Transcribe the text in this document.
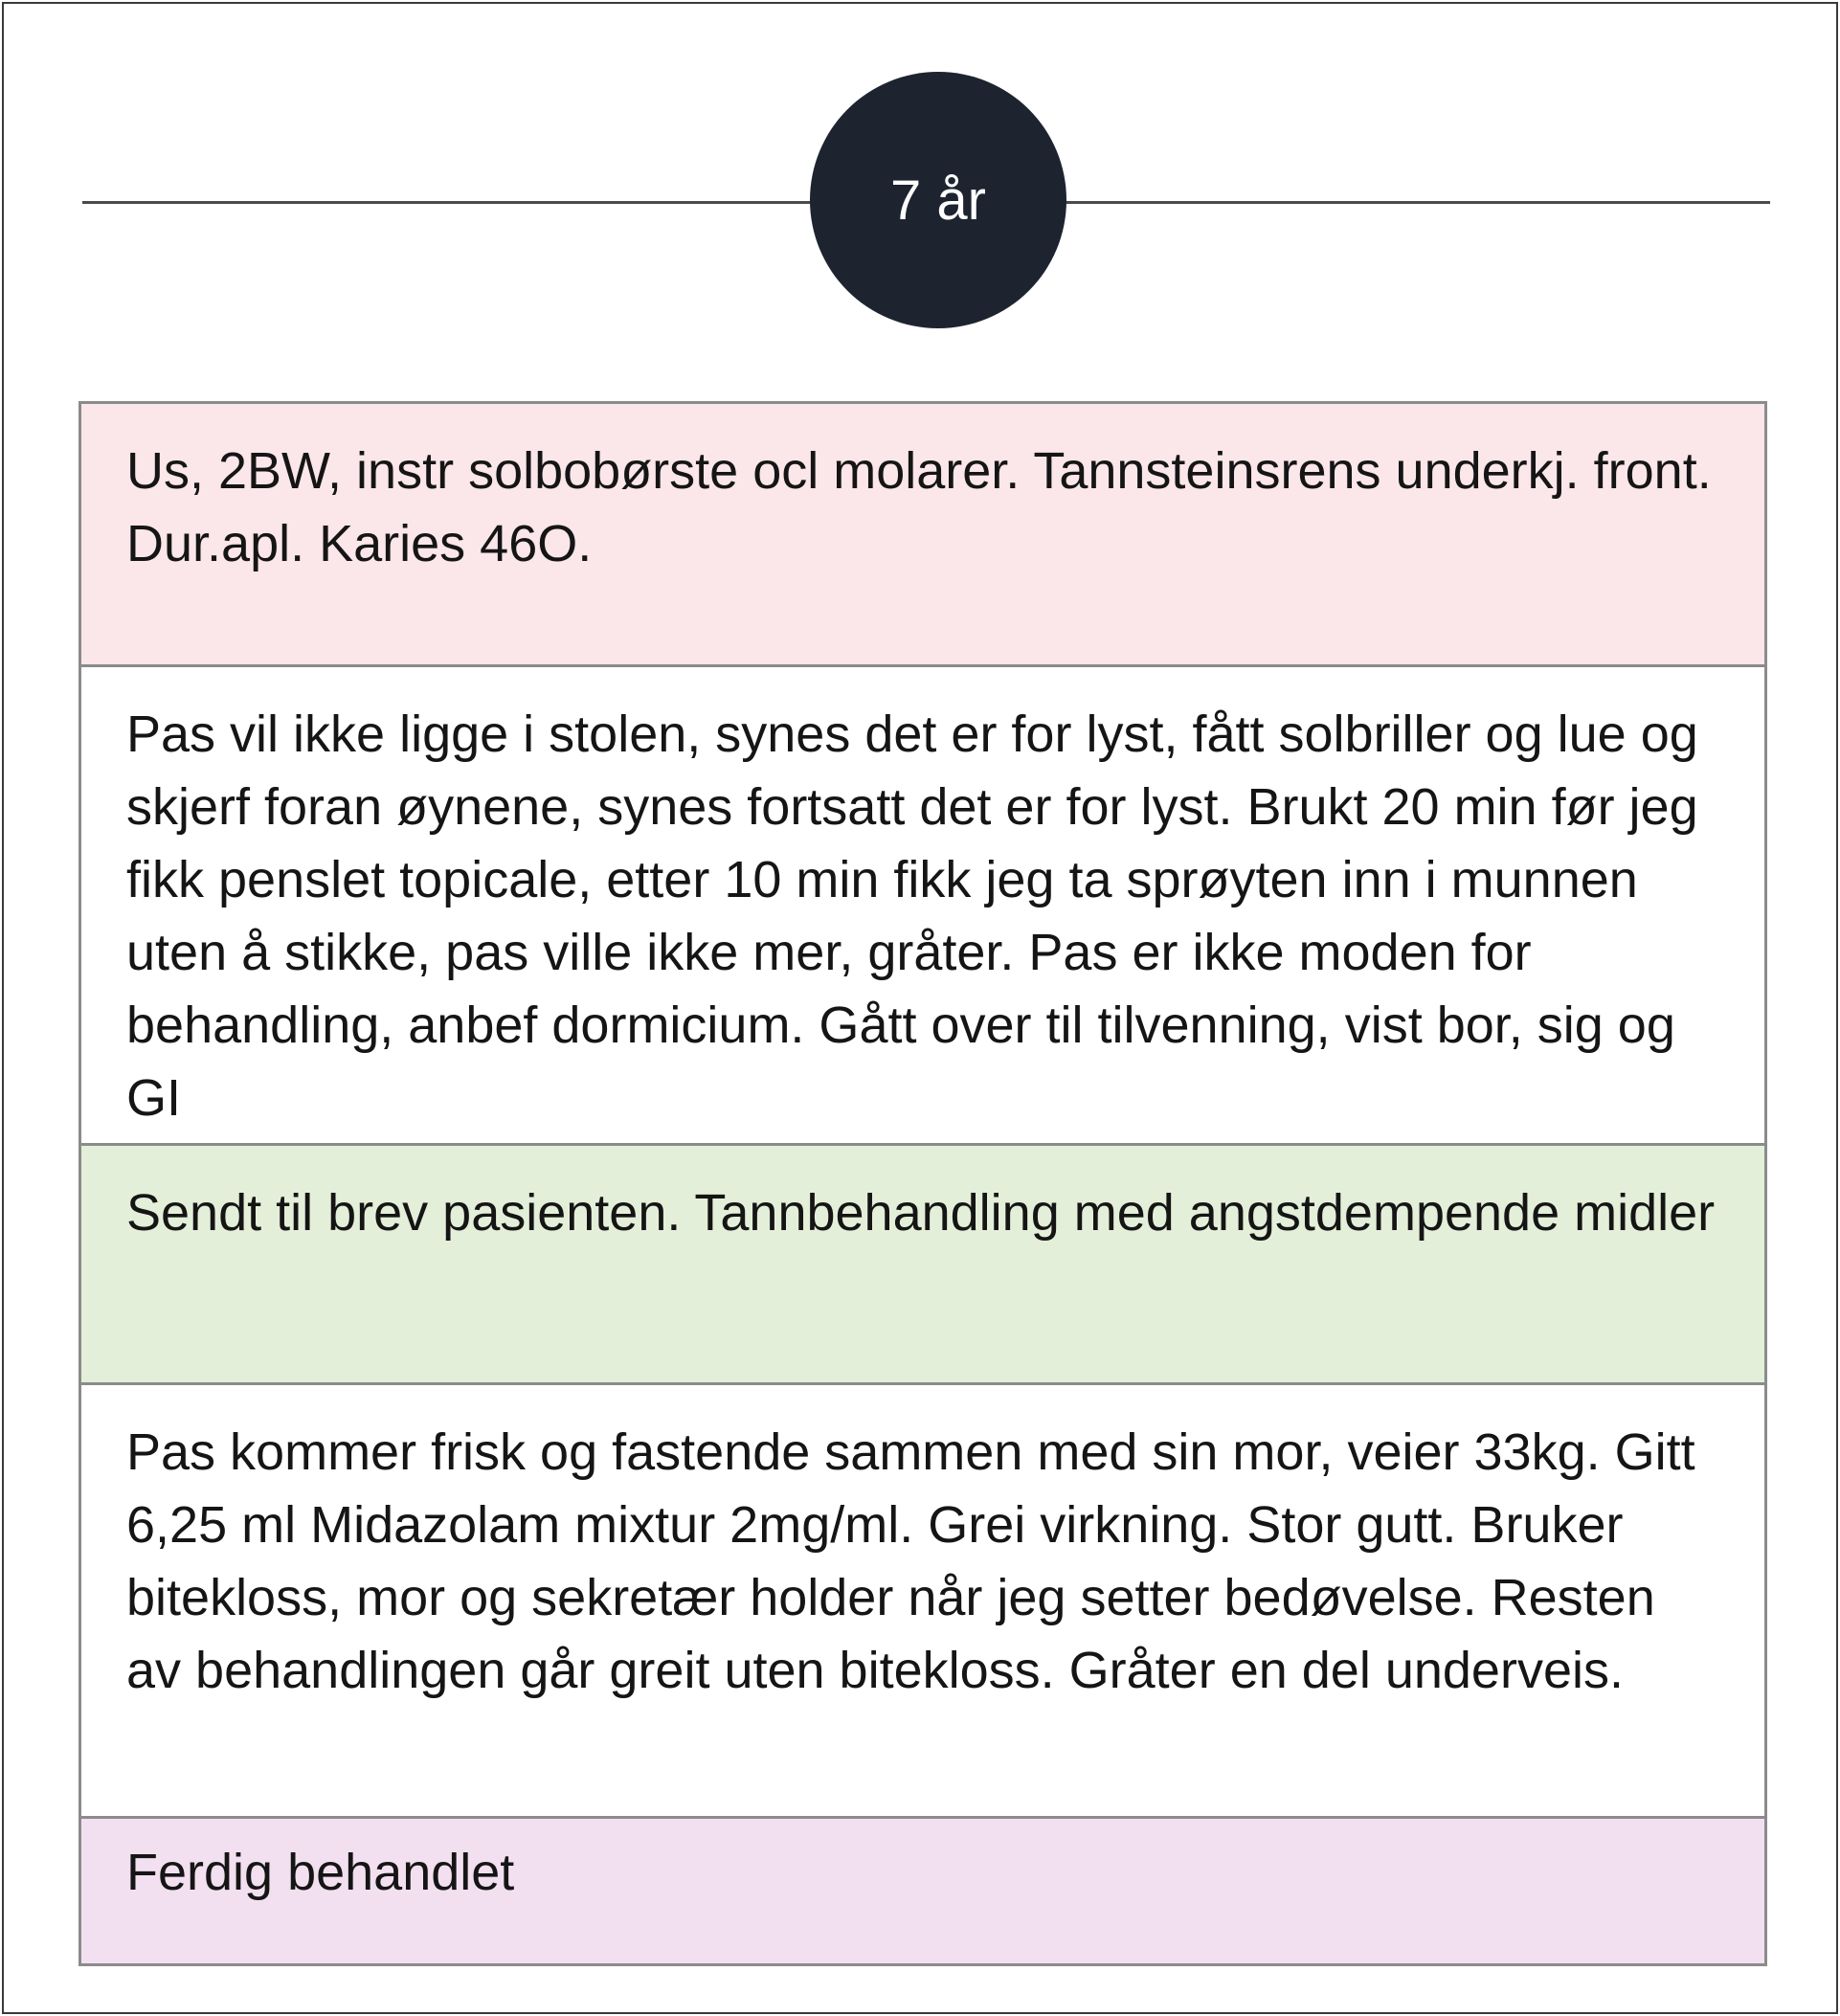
7 år
Us, 2BW, instr solbobørste ocl molarer. Tannsteinsrens underkj. front. Dur.apl. Karies 46O.
Pas vil ikke ligge i stolen, synes det er for lyst, fått solbriller og lue og skjerf foran øynene, synes fortsatt det er for lyst. Brukt 20 min før jeg fikk penslet topicale, etter 10 min fikk jeg ta sprøyten inn i munnen uten å stikke, pas ville ikke mer, gråter. Pas er ikke moden for behandling, anbef dormicium. Gått over til tilvenning, vist bor, sig og GI
Sendt til brev pasienten. Tannbehandling med angstdempende midler
Pas kommer frisk og fastende sammen med sin mor, veier 33kg. Gitt 6,25 ml Midazolam mixtur 2mg/ml. Grei virkning. Stor gutt. Bruker bitekloss, mor og sekretær holder når jeg setter bedøvelse. Resten av behandlingen går greit uten bitekloss. Gråter en del underveis.
Ferdig behandlet
